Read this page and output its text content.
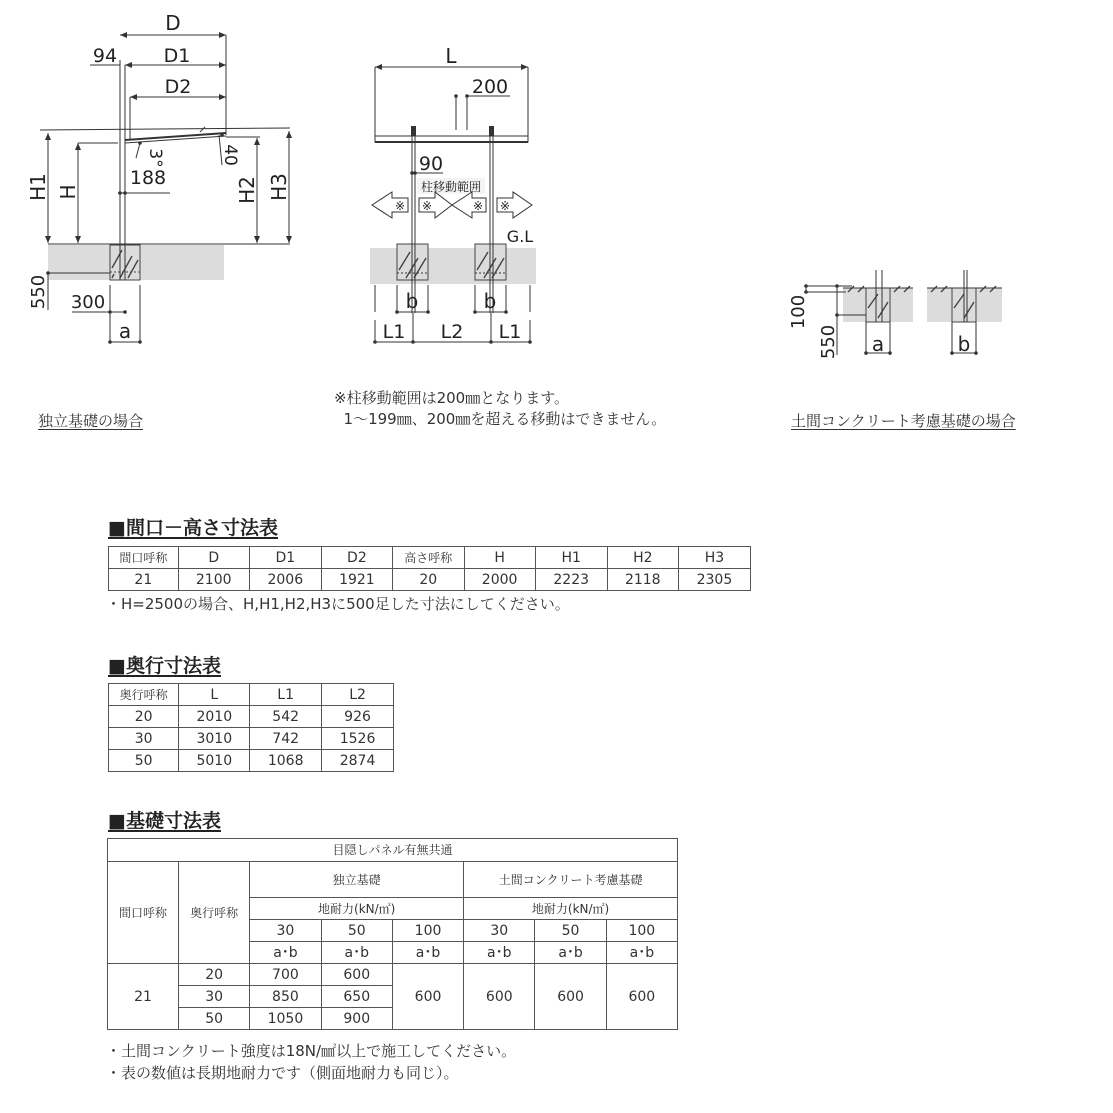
D
94 D1
D2
188
3°	40
H1 H	H2 H3
550 300
a
L
200
90
柱移動範囲
※ ※	※ ※
G.L
b	b
L1 L2 L1
100
550 a	b
独立基礎の場合
※柱移動範囲は200㎜となります。
1～199㎜、200㎜を超える移動はできません。	土間コンクリート考慮基礎の場合
■間口－高さ寸法表
間口呼称	D	D1	D2	高さ呼称	H	H1	H2	H3
21	2100	2006	1921	20	2000	2223	2118	2305
・H=2500の場合、H,H1,H2,H3に500足した寸法にしてください。
■奥行寸法表
奥行呼称	L	L1	L2
20	2010	542	926
30	3010	742	1526
50	5010	1068	2874
■基礎寸法表
目隠しパネル有無共通							
間口呼称	奥行呼称	独立基礎			土間コンクリート考慮基礎		
		地耐力(kN/㎡)			地耐力(kN/㎡)		
		30	50	100	30	50	100
		a･b	a･b	a･b	a･b	a･b	a･b
21	20	700	600	600	600	600	600
	30	850	650				
	50	1050	900				
・土間コンクリート強度は18N/㎟以上で施工してください。
・表の数値は長期地耐力です（側面地耐力も同じ）。
